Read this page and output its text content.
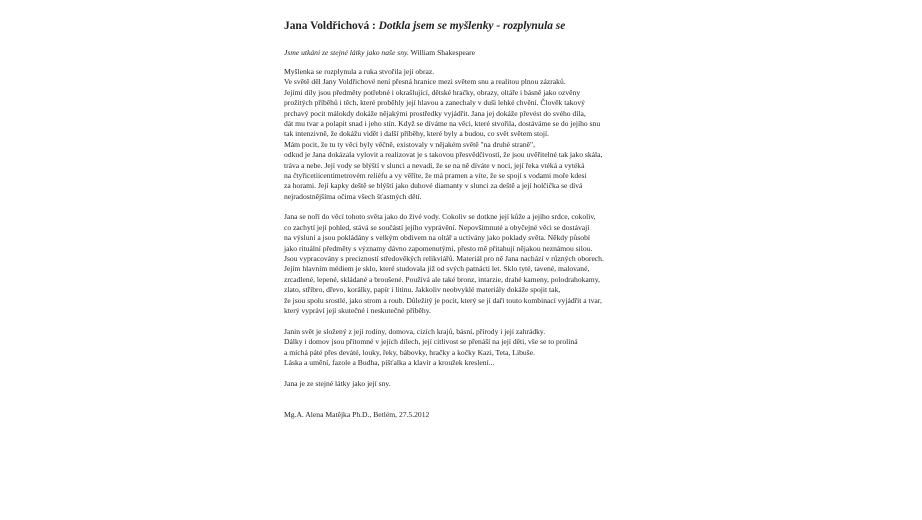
Jana Voldřichová : Dotkla jsem se myšlenky - rozplynula se

Jsme utkáni ze stejné látky jako naše sny. William Shakespeare

Myšlenka se rozplynula a ruka stvořila její obraz.
Ve světě děl Jany Voldřichové není přesná hranice mezi světem snu a realitou plnou zázraků.
Jejími díly jsou předměty potřebné i okrašlující, dětské hračky, obrazy, oltáře i básně jako ozvěny
prožitých příběhů i těch, které proběhly její hlavou a zanechaly v duši lehké chvění. Člověk takový
prchavý pocit málokdy dokáže nějakými prostředky vyjádřit. Jana jej dokáže převést do svého díla,
dát mu tvar a polapit snad i jeho stín. Když se díváme na věci, které stvořila, dostáváme se do jejího snu
tak intenzivně, že dokážu vidět i další příběhy, které byly a budou, co svět světem stojí.
Mám pocit, že tu ty věci byly věčně, existovaly v nějakém světě "na druhé straně",
odkud je Jana dokázala vylovit a realizovat je s takovou přesvědčivostí, že jsou uvěřitelné tak jako skála,
tráva a nebe. Její vody se blýští v slunci a nevadí, že se na ně díváte v noci, její řeka vtéká a vytéká
na čtyřicetiicentimetrovém reliéfu a vy věříte, že má pramen a víte, že se spojí s vodami moře kdesi
za horami. Její kapky deště se blýští jako duhové diamanty v slunci za deště a její holčička se dívá
nejradostnějšíma očima všech šťastných dětí.
Jana se noří do věcí tohoto světa jako do živé vody. Cokoliv se dotkne její kůže a jejího srdce, cokoliv,
co zachytí její pohled, stává se součástí jejího vyprávění. Nepovšimnuté a obyčejné věci se dostávají
na výsluní a jsou pokládány s velkým obdivem na oltář a uctívány jako poklady světa. Někdy působí
jako rituální předměty s významy dávno zapomenutými, přesto mě přitahují nějakou neznámou silou.
Jsou vypracovány s precizností středověkých relikviářů. Materiál pro ně Jana nachází v různých oborech.
Jejím hlavním médiem je sklo, které studovala již od svých patnácti let. Sklo tyté, tavené, malované,
zrcadlené, lepené, skládané a broušené. Používá ale také bronz, intarzie, drahé kameny, polodrahokamy,
zlato, stříbro, dřevo, korálky, papír i litinu. Jakkoliv neobvyklé materiály dokáže spojit tak,
že jsou spolu srostlé, jako strom a roub. Důležitý je pocit, který se jí daří touto kombinací vyjádřit a tvar,
který vypráví její skutečné i neskutečné příběhy.
Janin svět je složený z její rodiny, domova, cizích krajů, básní, přírody i její zahrádky.
Dálky i domov jsou přítomné v jejích dílech, její citlivost se přenáší na její děti, vše se to prolíná
a míchá páté přes deváté, louky, řeky, bábovky, hračky a kočky Kazi, Teta, Libuše.
Láska a umění, fazole a Budha, píšťalka a klavír a kroužek kreslení...
Jana je ze stejné látky jako její sny.

Mg.A. Alena Matějka Ph.D., Betlém, 27.5.2012
